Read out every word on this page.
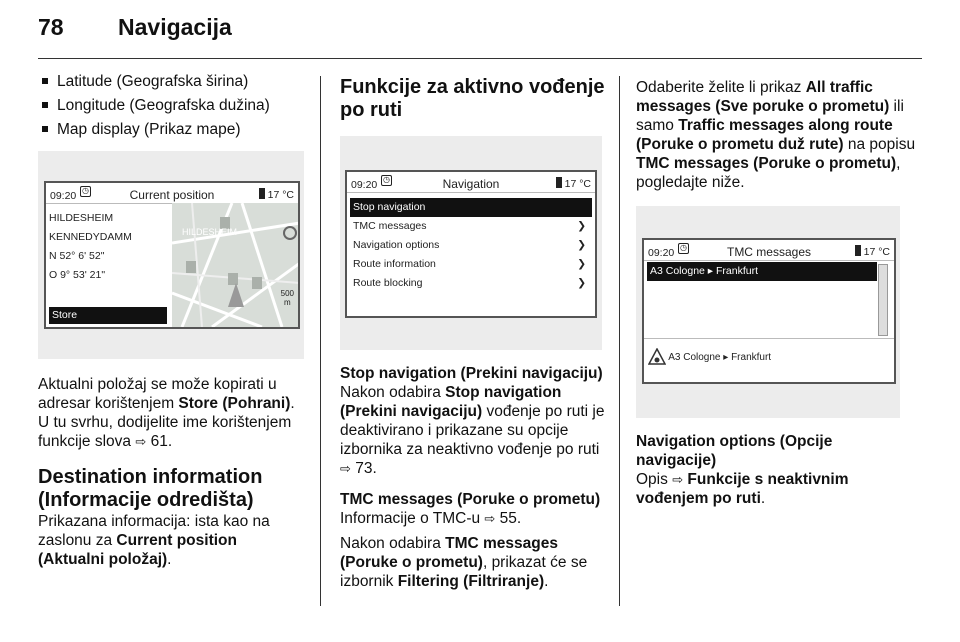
78 Navigacija
Latitude (Geografska širina)
Longitude (Geografska dužina)
Map display (Prikaz mape)
09:20 ◷	Current position	17 °C
HILDESHEIM
KENNEDYDAMM
N 52° 6' 52"
O 9° 53' 21"
HILDESHEIM
500
m
Store

Aktualni položaj se može kopirati u adresar korištenjem Store (Pohrani). U tu svrhu, dodijelite ime korištenjem funkcije slova ⇨ 61.

Destination information (Informacije odredišta)

Prikazana informacija: ista kao na zaslonu za Current position (Aktualni položaj).

Funkcije za aktivno vođenje po ruti

09:20 ◷	Navigation	17 °C
Stop navigation
TMC messages	❯
Navigation options	❯
Route information	❯
Route blocking	❯

Stop navigation (Prekini navigaciju)

Nakon odabira Stop navigation (Prekini navigaciju) vođenje po ruti je deaktivirano i prikazane su opcije izbornika za neaktivno vođenje po ruti ⇨ 73.

TMC messages (Poruke o prometu)

Informacije o TMC-u ⇨ 55.

Nakon odabira TMC messages (Poruke o prometu), prikazat će se izbornik Filtering (Filtriranje).

Odaberite želite li prikaz All traffic messages (Sve poruke o prometu) ili samo Traffic messages along route (Poruke o prometu duž rute) na popisu TMC messages (Poruke o prometu), pogledajte niže.

09:20 ◷	TMC messages	17 °C
A3 Cologne ▸ Frankfurt
A3 Cologne ▸ Frankfurt

Navigation options (Opcije navigacije)

Opis ⇨ Funkcije s neaktivnim vođenjem po ruti.
